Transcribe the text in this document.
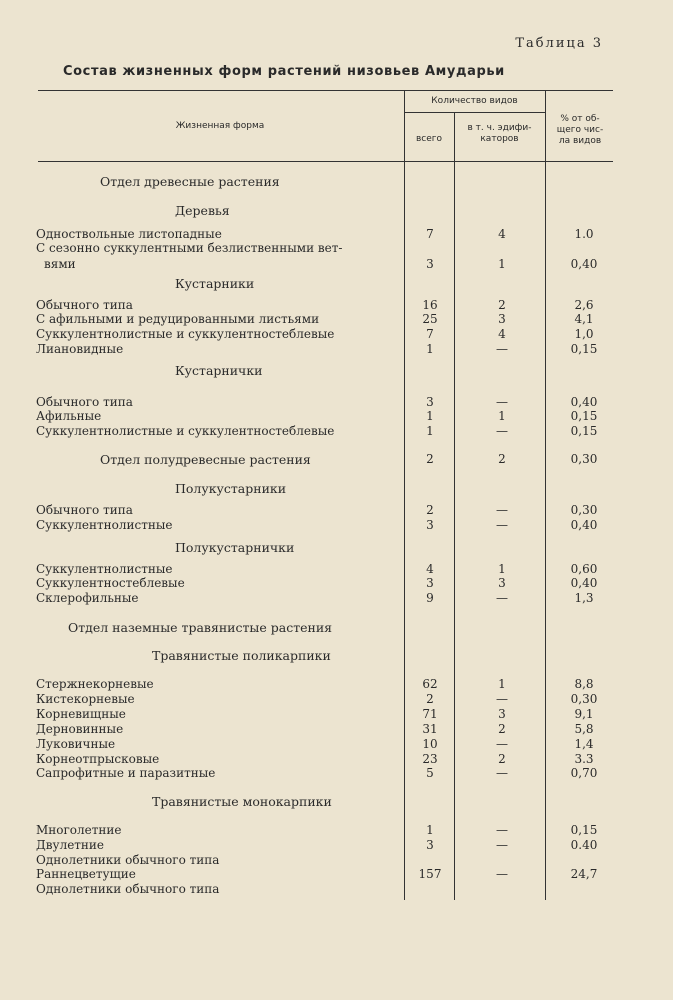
Таблица 3
Состав жизненных форм растений низовьев Амударьи
Жизненная форма
Количество видов
всего
в т. ч. эдифи-
каторов
% от об-
щего чис-
ла видов
Отдел древесные растения
Деревья
Одноствольные листопадные	7	4	1.0
С сезонно суккулентными безлиственными вет-
вями	3	1	0,40
Кустарники
Обычного типа	16	2	2,6
С афильными и редуцированными листьями	25	3	4,1
Суккулентнолистные и суккулентностеблевые	7	4	1,0
Лиановидные	1	—	0,15
Кустарнички
Обычного типа	3	—	0,40
Афильные	1	1	0,15
Суккулентнолистные и суккулентностеблевые	1	—	0,15
Отдел полудревесные растения	2	2	0,30
Полукустарники
Обычного типа	2	—	0,30
Суккулентнолистные	3	—	0,40
Полукустарнички
Суккулентнолистные	4	1	0,60
Суккулентностеблевые	3	3	0,40
Склерофильные	9	—	1,3
Отдел наземные травянистые растения
Травянистые поликарпики
Стержнекорневые	62	1	8,8
Кистекорневые	2	—	0,30
Корневищные	71	3	9,1
Дерновинные	31	2	5,8
Луковичные	10	—	1,4
Корнеотпрысковые	23	2	3.3
Сапрофитные и паразитные	5	—	0,70
Травянистые монокарпики
Многолетние	1	—	0,15
Двулетние	3	—	0.40
Однолетники обычного типа
Раннецветущие	157	—	24,7
Однолетники обычного типа
